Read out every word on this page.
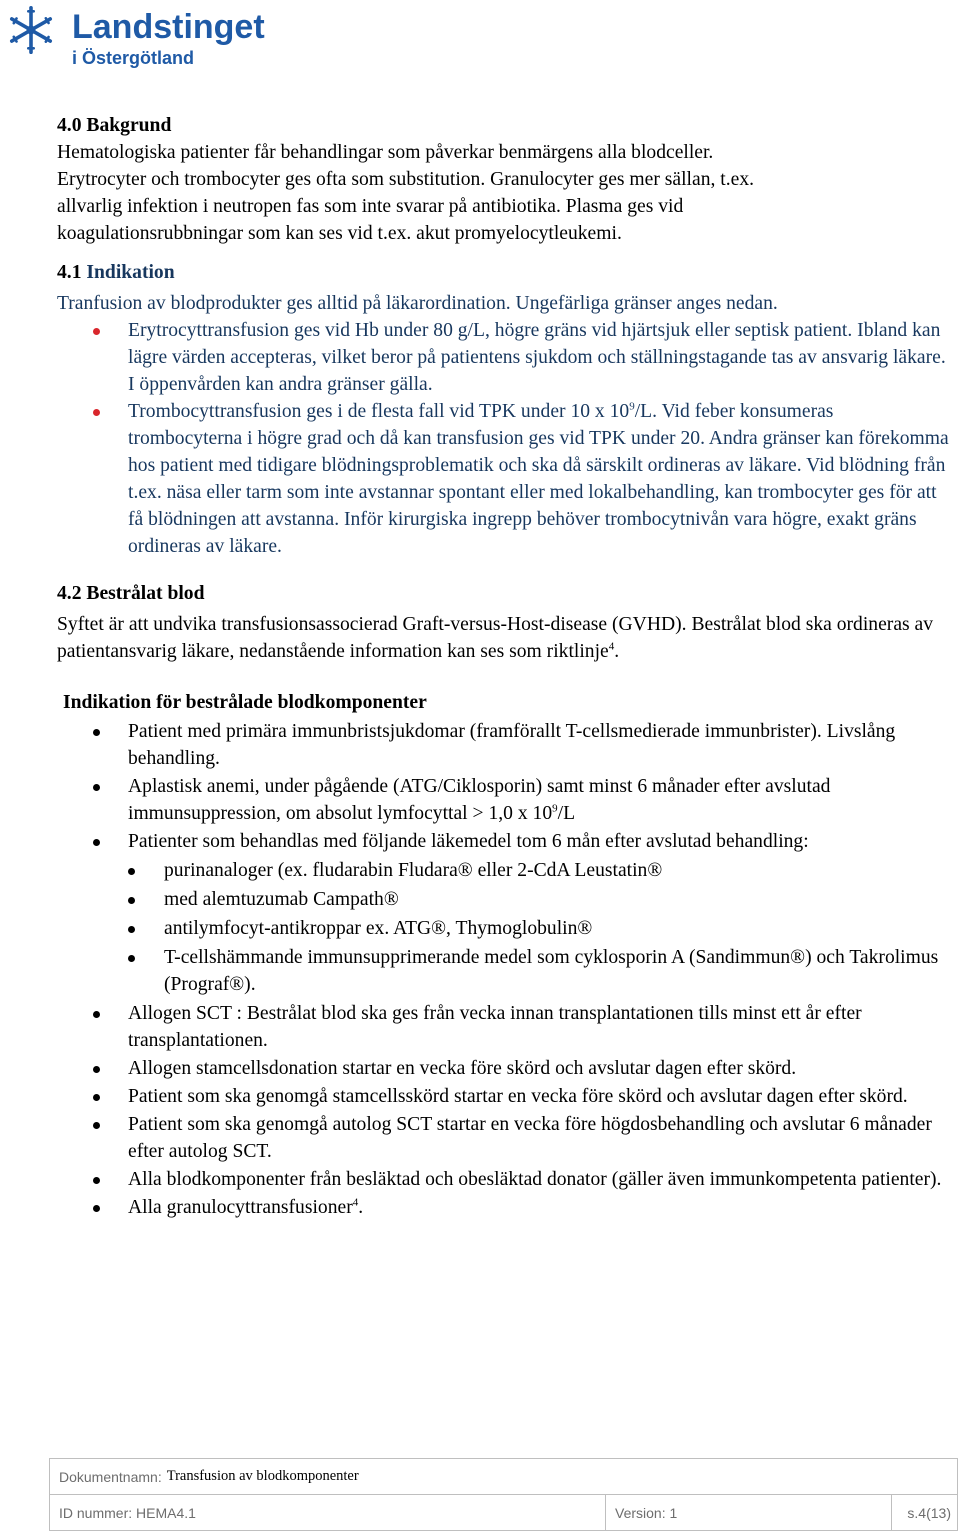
Landstinget
i Östergötland

4.0 Bakgrund

Hematologiska patienter får behandlingar som påverkar benmärgens alla blodceller.

Erytrocyter och trombocyter ges ofta som substitution. Granulocyter ges mer sällan, t.ex.

allvarlig infektion i neutropen fas som inte svarar på antibiotika. Plasma ges vid

koagulationsrubbningar som kan ses vid t.ex. akut promyelocytleukemi.

4.1 Indikation

Tranfusion av blodprodukter ges alltid på läkarordination. Ungefärliga gränser anges nedan.

Erytrocyttransfusion ges vid Hb under 80 g/L, högre gräns vid hjärtsjuk eller septisk patient. Ibland kan lägre värden accepteras, vilket beror på patientens sjukdom och ställningstagande tas av ansvarig läkare. I öppenvården kan andra gränser gälla.
Trombocyttransfusion ges i de flesta fall vid TPK under 10 x $10^9/L$. Vid feber konsumeras trombocyterna i högre grad och då kan transfusion ges vid TPK under 20. Andra gränser kan förekomma hos patient med tidigare blödningsproblematik och ska då särskilt ordineras av läkare. Vid blödning från t.ex. näsa eller tarm som inte avstannar spontant eller med lokalbehandling, kan trombocyter ges för att få blödningen att avstanna. Inför kirurgiska ingrepp behöver trombocytnivån vara högre, exakt gräns ordineras av läkare.

4.2 Bestrålat blod

Syftet är att undvika transfusionsassocierad Graft-versus-Host-disease (GVHD). Bestrålat blod ska ordineras av patientansvarig läkare, nedanstående information kan ses som riktlinje$^4$.

Indikation för bestrålade blodkomponenter

Patient med primära immunbristsjukdomar (framförallt T-cellsmedierade immunbrister). Livslång behandling.
Aplastisk anemi, under pågående (ATG/Ciklosporin) samt minst 6 månader efter avslutad immunsuppression, om absolut lymfocyttal > 1,0 x $10^9/L$
Patienter som behandlas med följande läkemedel tom 6 mån efter avslutad behandling:
purinanaloger (ex. fludarabin Fludara® eller 2-CdA Leustatin®
med alemtuzumab Campath®
antilymfocyt-antikroppar ex. ATG®, Thymoglobulin®
T-cellshämmande immunsupprimerande medel som cyklosporin A (Sandimmun®) och Takrolimus (Prograf®).
Allogen SCT : Bestrålat blod ska ges från vecka innan transplantationen tills minst ett år efter transplantationen.
Allogen stamcellsdonation startar en vecka före skörd och avslutar dagen efter skörd.
Patient som ska genomgå stamcellsskörd startar en vecka före skörd och avslutar dagen efter skörd.
Patient som ska genomgå autolog SCT startar en vecka före högdosbehandling och avslutar 6 månader efter autolog SCT.
Alla blodkomponenter från besläktad och obesläktad donator (gäller även immunkompetenta patienter).
Alla granulocyttransfusioner$^4$.
Dokumentnamn: Transfusion av blodkomponenter
ID nummer: HEMA4.1	Version: 1	s.4(13)
